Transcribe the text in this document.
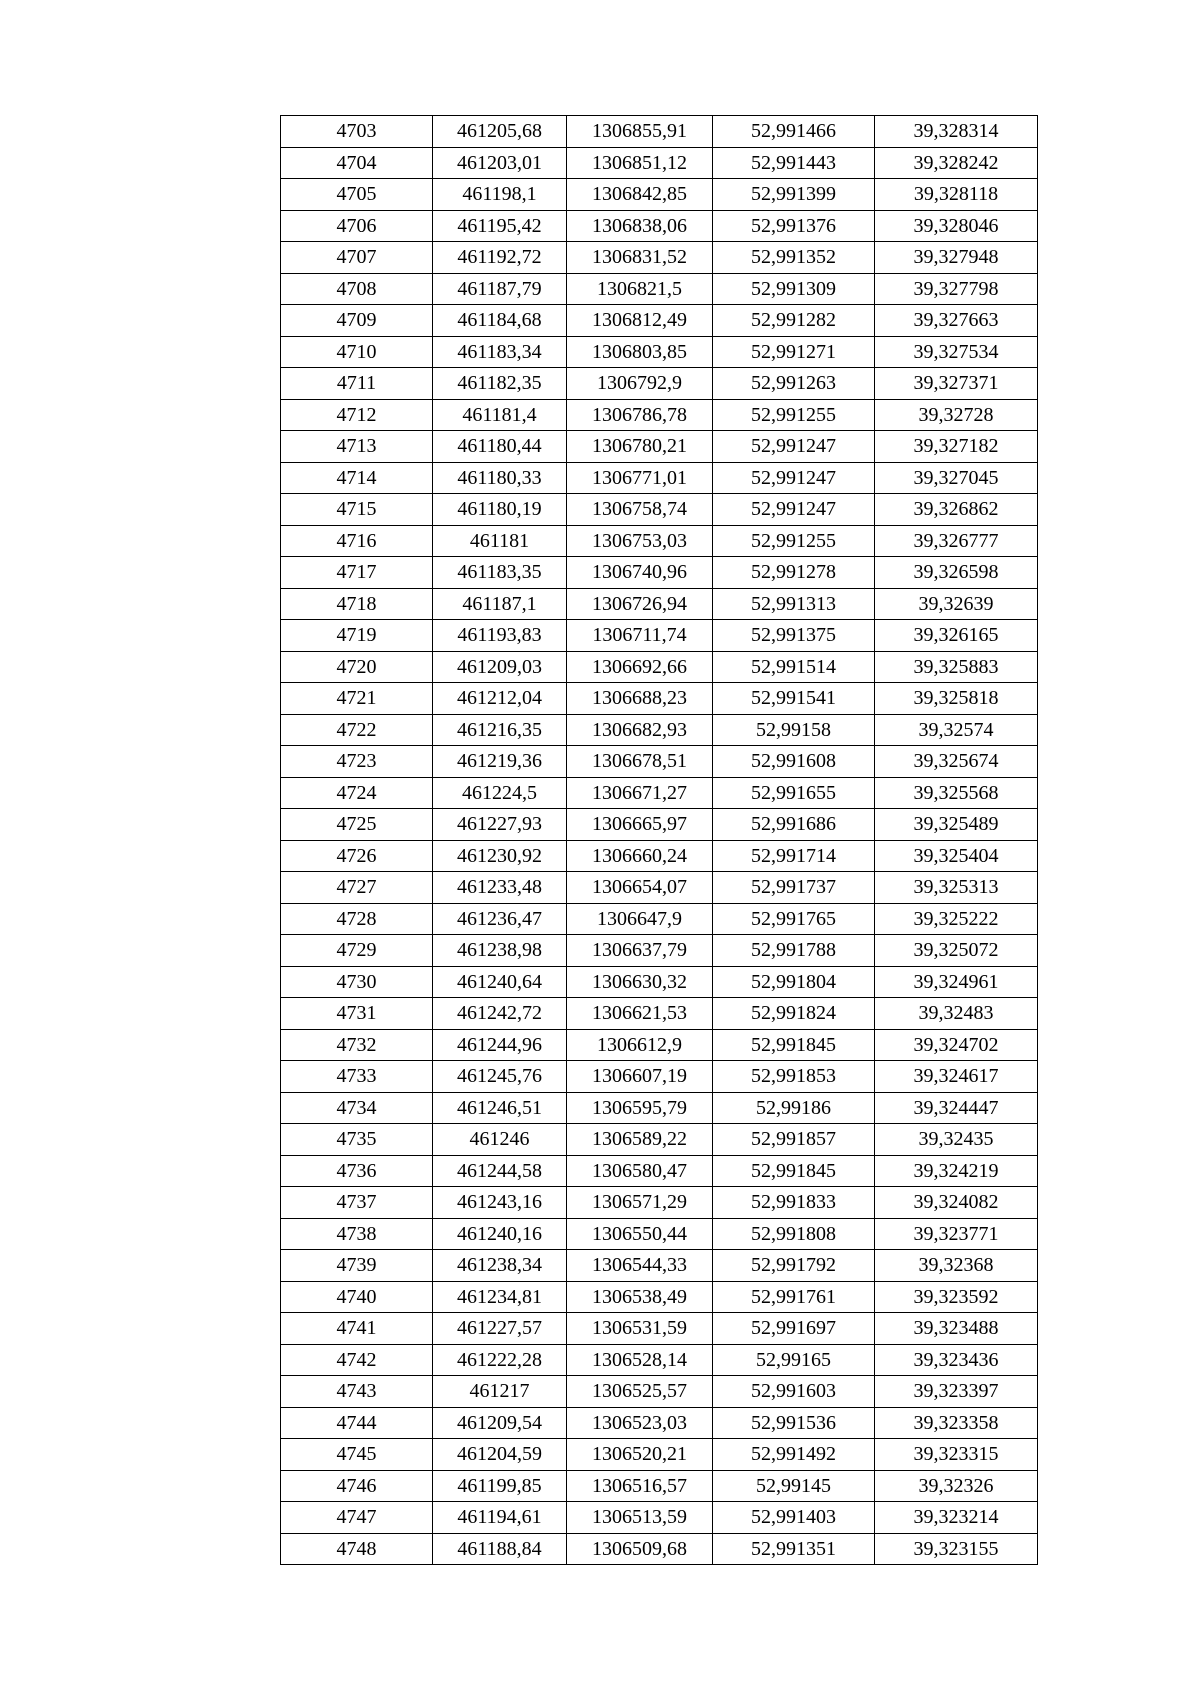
4703	461205,68	1306855,91	52,991466	39,328314
4704	461203,01	1306851,12	52,991443	39,328242
4705	461198,1	1306842,85	52,991399	39,328118
4706	461195,42	1306838,06	52,991376	39,328046
4707	461192,72	1306831,52	52,991352	39,327948
4708	461187,79	1306821,5	52,991309	39,327798
4709	461184,68	1306812,49	52,991282	39,327663
4710	461183,34	1306803,85	52,991271	39,327534
4711	461182,35	1306792,9	52,991263	39,327371
4712	461181,4	1306786,78	52,991255	39,32728
4713	461180,44	1306780,21	52,991247	39,327182
4714	461180,33	1306771,01	52,991247	39,327045
4715	461180,19	1306758,74	52,991247	39,326862
4716	461181	1306753,03	52,991255	39,326777
4717	461183,35	1306740,96	52,991278	39,326598
4718	461187,1	1306726,94	52,991313	39,32639
4719	461193,83	1306711,74	52,991375	39,326165
4720	461209,03	1306692,66	52,991514	39,325883
4721	461212,04	1306688,23	52,991541	39,325818
4722	461216,35	1306682,93	52,99158	39,32574
4723	461219,36	1306678,51	52,991608	39,325674
4724	461224,5	1306671,27	52,991655	39,325568
4725	461227,93	1306665,97	52,991686	39,325489
4726	461230,92	1306660,24	52,991714	39,325404
4727	461233,48	1306654,07	52,991737	39,325313
4728	461236,47	1306647,9	52,991765	39,325222
4729	461238,98	1306637,79	52,991788	39,325072
4730	461240,64	1306630,32	52,991804	39,324961
4731	461242,72	1306621,53	52,991824	39,32483
4732	461244,96	1306612,9	52,991845	39,324702
4733	461245,76	1306607,19	52,991853	39,324617
4734	461246,51	1306595,79	52,99186	39,324447
4735	461246	1306589,22	52,991857	39,32435
4736	461244,58	1306580,47	52,991845	39,324219
4737	461243,16	1306571,29	52,991833	39,324082
4738	461240,16	1306550,44	52,991808	39,323771
4739	461238,34	1306544,33	52,991792	39,32368
4740	461234,81	1306538,49	52,991761	39,323592
4741	461227,57	1306531,59	52,991697	39,323488
4742	461222,28	1306528,14	52,99165	39,323436
4743	461217	1306525,57	52,991603	39,323397
4744	461209,54	1306523,03	52,991536	39,323358
4745	461204,59	1306520,21	52,991492	39,323315
4746	461199,85	1306516,57	52,99145	39,32326
4747	461194,61	1306513,59	52,991403	39,323214
4748	461188,84	1306509,68	52,991351	39,323155
